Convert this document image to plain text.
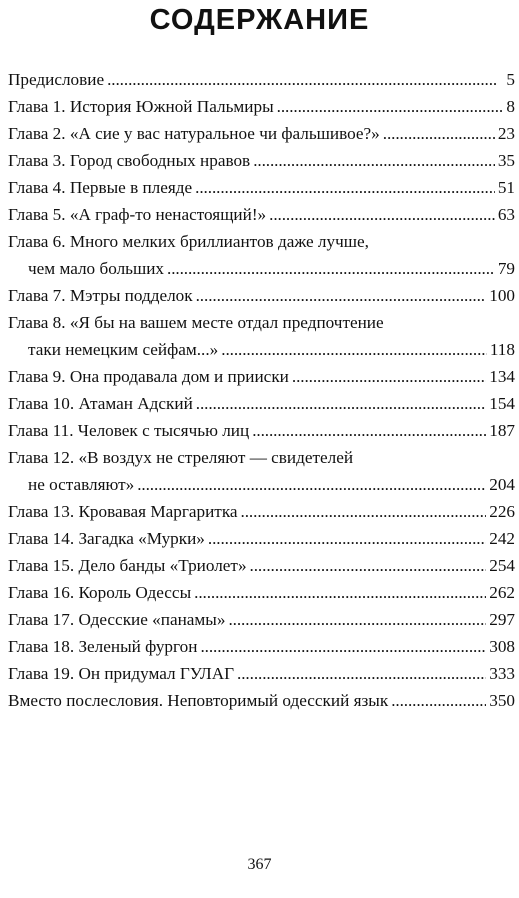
СОДЕРЖАНИЕ
Предисловие . . .	5
Глава 1. История Южной Пальмиры . . .	8
Глава 2. «А сие у вас натуральное чи фальшивое?» . . .	23
Глава 3. Город свободных нравов . . .	35
Глава 4. Первые в плеяде . . .	51
Глава 5. «А граф-то ненастоящий!» . . .	63
Глава 6. Много мелких бриллиантов даже лучше,
чем мало больших . . .	79
Глава 7. Мэтры подделок . . .	100
Глава 8. «Я бы на вашем месте отдал предпочтение
таки немецким сейфам...» . . .	118
Глава 9. Она продавала дом и прииски . . .	134
Глава 10. Атаман Адский . . .	154
Глава 11. Человек с тысячью лиц . . .	187
Глава 12. «В воздух не стреляют — свидетелей
не оставляют» . . .	204
Глава 13. Кровавая Маргаритка . . .	226
Глава 14. Загадка «Мурки» . . .	242
Глава 15. Дело банды «Триолет» . . .	254
Глава 16. Король Одессы . . .	262
Глава 17. Одесские «панамы» . . .	297
Глава 18. Зеленый фургон . . .	308
Глава 19. Он придумал ГУЛАГ . . .	333
Вместо послесловия. Неповторимый одесский язык . . .	350
367
